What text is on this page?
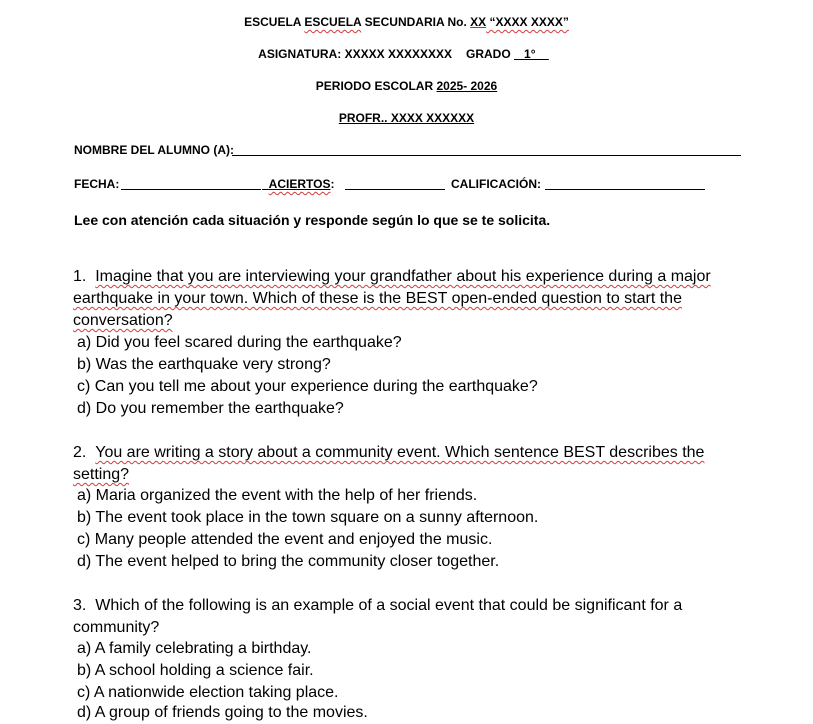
ESCUELA ESCUELA SECUNDARIA No. XX “XXXX XXXX”
ASIGNATURA: XXXXX XXXXXXXX GRADO 1°
PERIODO ESCOLAR 2025- 2026
PROFR.. XXXX XXXXXX
NOMBRE DEL ALUMNO (A):
FECHA:	ACIERTOS:	CALIFICACIÓN:
Lee con atención cada situación y responde según lo que se te solicita.
1. Imagine that you are interviewing your grandfather about his experience during a major earthquake in your town. Which of these is the BEST open-ended question to start the conversation?
a) Did you feel scared during the earthquake?
b) Was the earthquake very strong?
c) Can you tell me about your experience during the earthquake?
d) Do you remember the earthquake?
2. You are writing a story about a community event. Which sentence BEST describes the setting?
a) Maria organized the event with the help of her friends.
b) The event took place in the town square on a sunny afternoon.
c) Many people attended the event and enjoyed the music.
d) The event helped to bring the community closer together.
3. Which of the following is an example of a social event that could be significant for a community?
a) A family celebrating a birthday.
b) A school holding a science fair.
c) A nationwide election taking place.
d) A group of friends going to the movies.
